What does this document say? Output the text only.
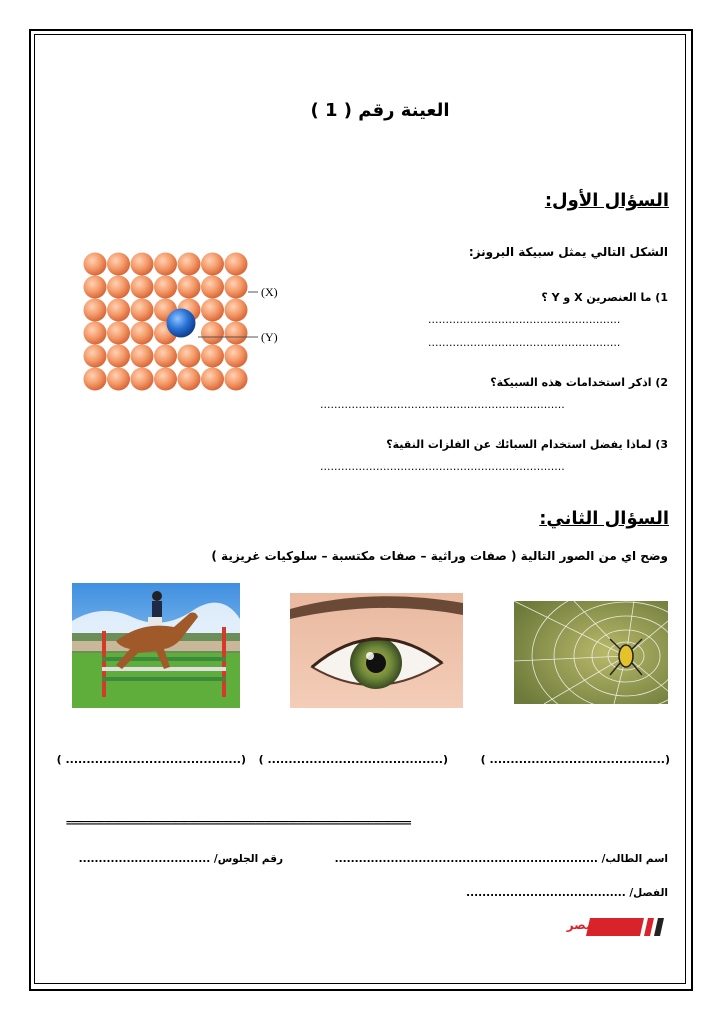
العينة رقم ( 1 )
السؤال الأول:
الشكل التالي يمثل سبيكة البرونز:
(X)
(Y)
1) ما العنصرين X و Y ؟
.......................................................
.......................................................
2) اذكر استخدامات هذه السبيكة؟
......................................................................
3) لماذا يفضل استخدام السبائك عن الفلزات النقية؟
......................................................................
السؤال الثاني:
وضح اي من الصور التالية ( صفات وراثية – صفات مكتسبة – سلوكيات غريزية )
(.......................................... )
(.......................................... )
(.......................................... )
=========================================================================
اسم الطالب/ ..................................................................
رقم الجلوس/ .................................
الفصل/ ........................................
صباح مصر
